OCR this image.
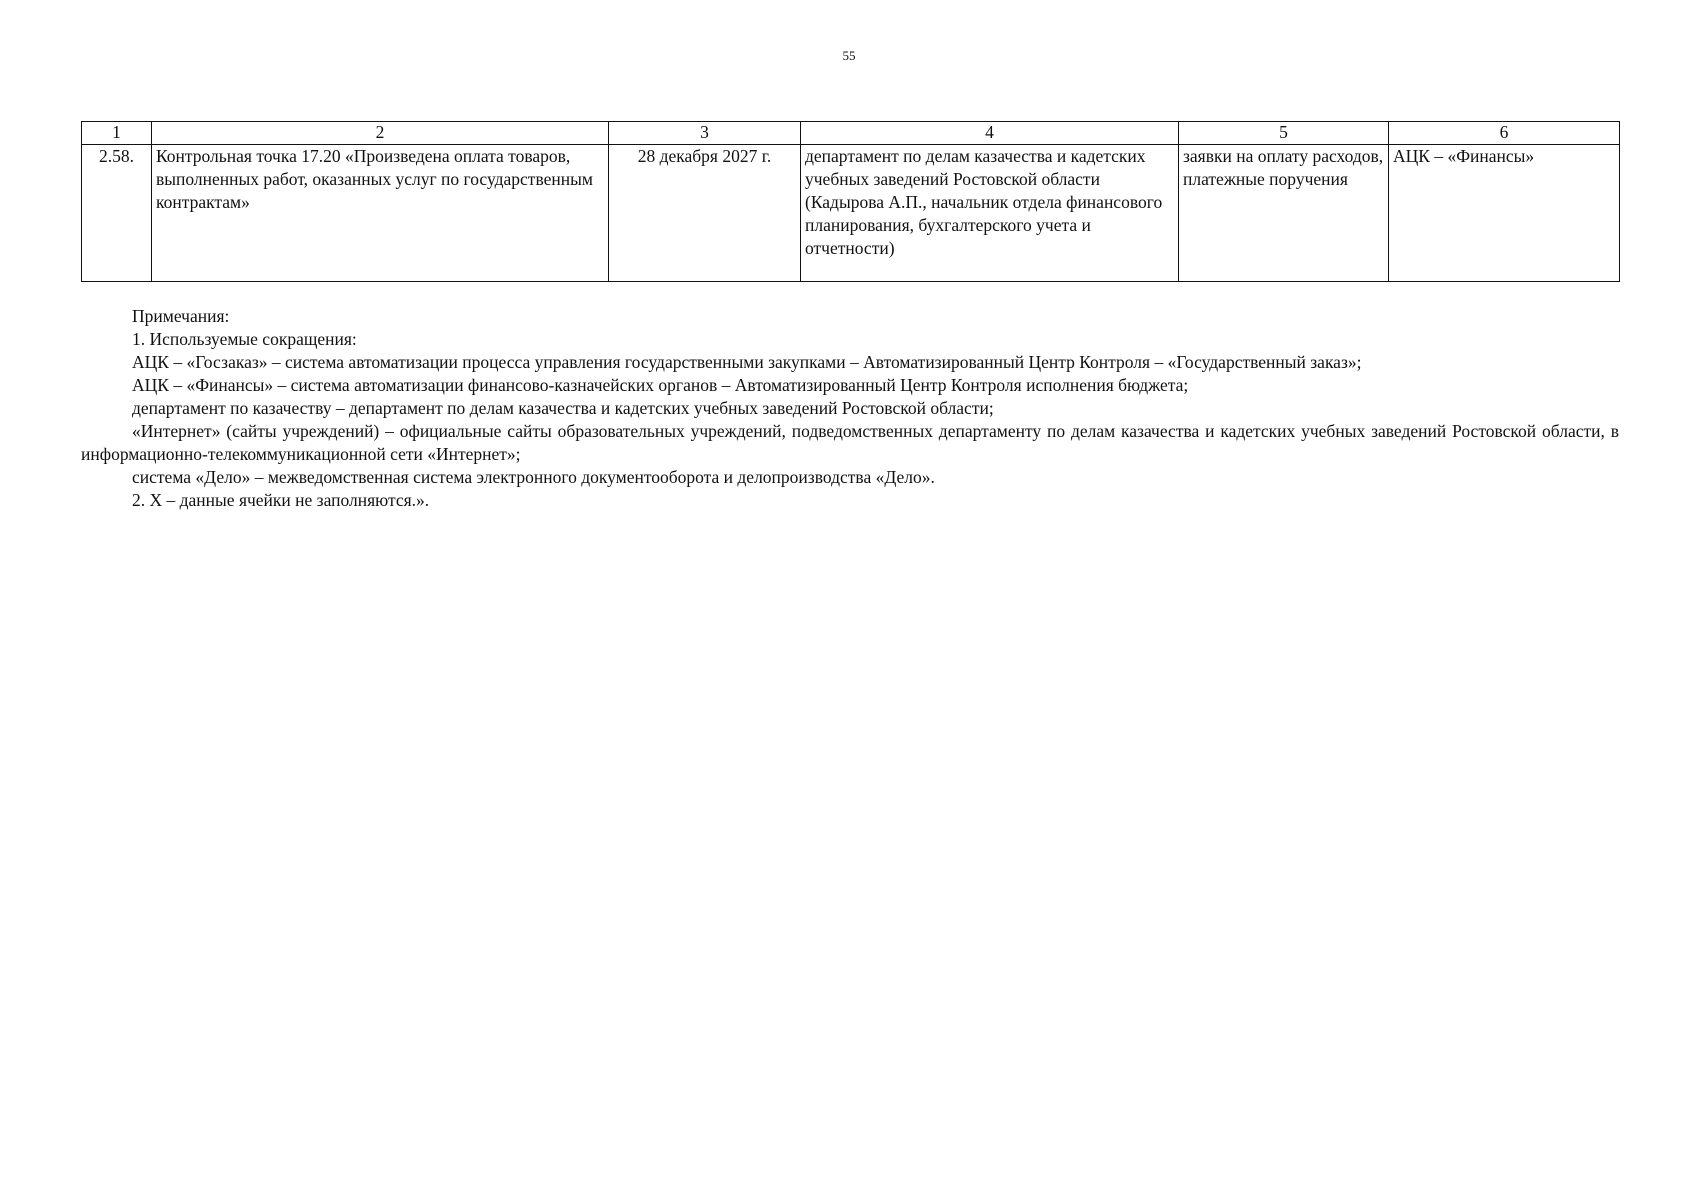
55
1	2	3	4	5	6
2.58.	Контрольная точка 17.20 «Произведена оплата товаров, выполненных работ, оказанных услуг по государственным контрактам»	28 декабря 2027 г.	департамент по делам казачества и кадетских учебных заведений Ростовской области (Кадырова А.П., начальник отдела финансового планирования, бухгалтерского учета и отчетности)	заявки на оплату расходов, платежные поручения	АЦК – «Финансы»

Примечания:

1. Используемые сокращения:

АЦК – «Госзаказ» – система автоматизации процесса управления государственными закупками – Автоматизированный Центр Контроля – «Государственный заказ»;

АЦК – «Финансы» – система автоматизации финансово-казначейских органов – Автоматизированный Центр Контроля исполнения бюджета;

департамент по казачеству – департамент по делам казачества и кадетских учебных заведений Ростовской области;

«Интернет» (сайты учреждений) – официальные сайты образовательных учреждений, подведомственных департаменту по делам казачества и кадетских учебных заведений Ростовской области, в информационно-телекоммуникационной сети «Интернет»;

система «Дело» – межведомственная система электронного документооборота и делопроизводства «Дело».

2. Х – данные ячейки не заполняются.».
